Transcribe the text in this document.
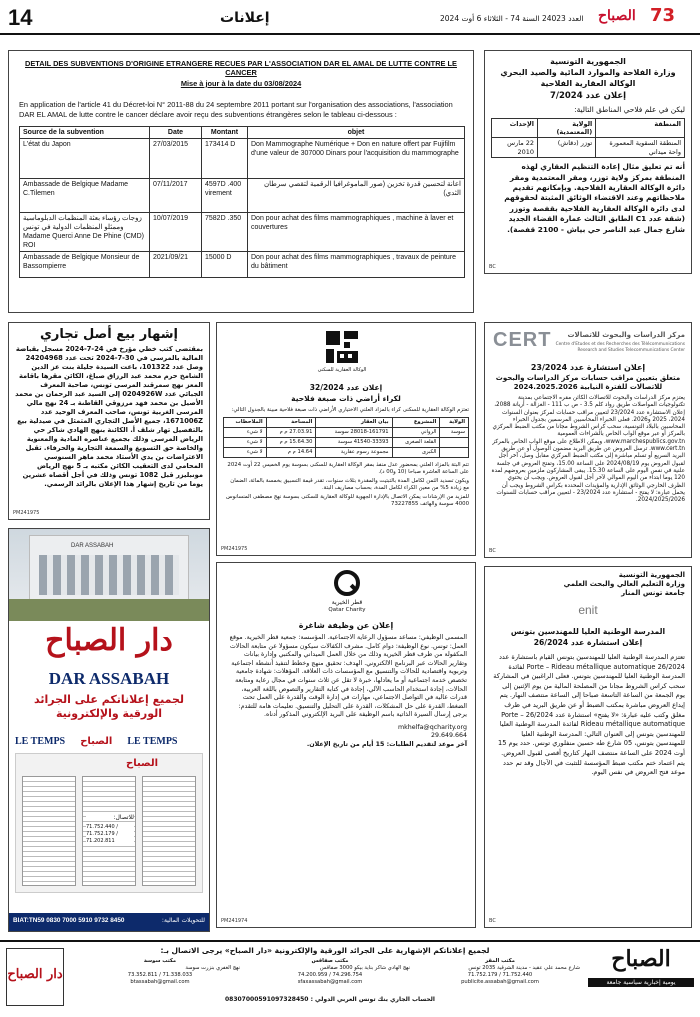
14	إعلانات	العدد 24023 السنة 74 - الثلاثاء 6 أوت 2024	73
الصباح
DETAIL DES SUBVENTIONS D'ORIGINE ETRANGERE RECUES PAR L'ASSOCIATION DAR EL AMAL DE LUTTE CONTRE LE CANCER
Mise à jour à la date du 03/08/2024
En application de l'article 41 du Décret-loi N° 2011-88 du 24 septembre 2011 portant sur l'organisation des associations, l'association DAR EL AMAL de lutte contre le cancer déclare avoir reçu des subventions étrangères selon le tableau ci-dessous :
Source de la subvention	Date	Montant	objet
L'état du Japon	27/03/2015	173414 D	Don Mammographe Numérique + Don en nature offert par Fujifilm d'une valeur de 307000 Dinars pour l'acquisition du mammographe
Ambassade de Belgique Madame C.Tilemen	07/11/2017	4597D .400 virement	اعانة لتحسين قدرة تخزين (صور الماموغرافيا الرقمية لتقصي سرطان الثدي)
زوجات رؤساء بعثة المنظمات الدبلوماسية وممثلو المنظمات الدولية في تونس Madame Querci Anne De Phine (CMD) ROI	10/07/2019	7582D .350	Don pour achat des films mammographiques , machine à laver et couvertures
Ambassade de Belgique Monsieur de Bassompierre	2021/09/21	15000 D	Don pour achat des films mammographiques , travaux de peinture du bâtiment
الجمهورية التونسية
وزارة الفلاحة والموارد المائية والصيد البحري
الوكالة العقارية الفلاحية
إعلان عدد 7/2024
ليكن في علم فلاحي المناطق التالية:
المنطقة	الولاية (المعتمدية)	الإحداث
المنطقة السقوية المعمورة واحة ميداني	توزر (دقاش)	22 مارس 2010
أنه تم تعليق مثال إعادة التنظيم العقاري لهذه المنطقة بمركز ولاية توزر، ومقر المعتمدية ومقر دائرة الوكالة العقارية الفلاحية. وبإمكانهم تقديم ملاحظاتهم وعند الاقتضاء الوثائق المثبتة لحقوقهم لدى دائرة الوكالة العقارية الفلاحية بقفصة وتوزر (شقة عدد C1 الطابق الثالث عمارة القضاء الجديد شارع جمال عبد الناصر حي بياش - 2100 قفصة).
BC
إشهار بيع أصل تجاري
بمقتضى كتب خطي مؤرخ في 24-7-2024 مسجل بقباضة المالية بالمرسى في 30-7-2024 تحت عدد 24204968 وصل عدد 101322، باعت السيدة جليلة بنت عز الدين الشامخ حرم محمد عبد الرزاق صباغ، الكائن مقرها باقامة المعز نهج سمرقند المرسى تونس، صاحبة المعرف الجبائي عدد 0204926W إلى السيد عبد الرحمان بن محمد الأصيل بن محمد فهد مرزوقي القاطنة بـ 24 نهج مالي المرسى الغربية تونس، صاحب المعرف الوحيد عدد 1671006Z، جميع الأصل التجاري المتمثل في صيدلية بيع بالتفصيل تهار شلف أ. الكائنة بنهج الهادي شاكر حي الرياض المرسى وذلك بجميع عناصره المادية والمعنوية والخاصة حق التسويغ والسمعة التجارية والحرفاء. تقبل الاعتراضات بن يدي الأستاذ محمد ماهر السنوسي المحامي لدى التعقيب الكائن مكتبه بـ 5 نهج الرياض مونبليزر قبل 1082 تونس وذلك في أجل أقصاه عشرين يوما من تاريخ إشهار هذا الإعلان بالرائد الرسمي.
PM241975
الوكالة العقارية للسكنى
إعلان عدد 32/2024
لكراء أراضي ذات صبغة فلاحية
تعتزم الوكالة العقارية للسكنى كراء بالمزاد العلني الاختياري الأراضي ذات صبغة فلاحية مبينة بالجدول التالي:
الولاية	المشروع	بيان العقار	المساحة	الملاحظات
سوسة	الرواني	28018-161791 سوسة	27.03.91 م م	لا شيء
	القلعة الصغرى	41540-33393 سوسة	15.64.30 م م	لا شيء
	الكبرى	مجموعة رسوم عقارية	14.64 م م	لا شيء
تتم البتة بالمزاد العلني بمحضور عدل منفذ بمقر الوكالة العقارية للسكنى بسوسة يوم الخميس 22 أوت 2024 على الساعة العاشرة صباحا (10 و00 د).
ويكون تسديد الثمن لكامل المدة بالتبتيت والمقدرة بثلاث سنوات، تقدر قيمة التسبيق بخمسة بالمائة، الضمان مع زيادة 5% من معين الكراء لكامل المدة، بحساب مصاريف البتة.
للمزيد من الإرشادات يمكن الاتصال بالإدارة الجهوية للوكالة العقارية للسكنى بسوسة نهج مصطفى المنسانوس 4000 سوسة والهاتف 73227855
PM241975
CERT مركز الدراسات والبحوث للاتصالات
Centre d'Etudes et des Recherches des Télécommunications
Research and Studies Telecommunications Center
إعلان استشارة عدد 23/2024
متعلق بتعيين مراقب حسابات مركز الدراسات والبحوث للاتصالات للفترة النيابية 2024.2025.2026
يعتزم مركز الدراسات والبحوث للاتصالات الكائن مقره الاجتماعي بمدينة تكنولوجيات المواصلات طريق رواد كلم 3.5 - ص ب 111 - الغزالة - أريانة 2088، إعلان الاستشارة عدد 23/2024 لتعيين مراقب حسابات لمركز بعنوان السنوات 2024، 2025 و2026. فعلى الخبراء المحاسبين المرسمين بجدول الخبراء المحاسبين بالبلاد التونسية، سحب كراس الشروط مجانا من مكتب الضبط المركزي بالمركز أو عبر موقع الواب الخاص بالشراءات العمومية www.marchespublics.gov.tn، ويمكن الاطلاع على موقع الواب الخاص بالمركز www.cert.tn. ترسل العروض عن طريق البريد مضمون الوصول أو عن طريق البريد السريع أو تسلم مباشرة إلى مكتب الضبط المركزي مقابل وصل، آخر أجل لقبول العروض يوم 2024/08/19 على الساعة 15.00، وتفتح العروض في جلسة علنية في نفس اليوم على الساعة 15.30. يبقى المشاركون ملزمين بعروضهم لمدة 120 يوما ابتداء من اليوم الموالي لآخر أجل لقبول العروض. ويجب أن يحتوي الظرف الخارجي الوثائق الإدارية والمؤيدات المحددة بكراس الشروط ويجب أن يحمل عبارة: لا يفتح - استشارة عدد 23/2024 - لتعيين مراقب حسابات للسنوات 2024/2025/2026.
BC
قطر الخيرية
Qatar Charity
إعلان عن وظيفة شاغرة
المسمى الوظيفي: مساعد مسؤول الرعاية الاجتماعية. المؤسسة: جمعية قطر الخيرية. موقع العمل: تونس. نوع الوظيفة: دوام كامل. مشرف الكفالات سيكون مسؤولا عن متابعة الحالات المكفولة من طرف قطر الخيرية وذلك من خلال العمل الميداني والمكتبي وإدارة بيانات وتقارير الحالات عبر البرنامج الالكتروني. الهدف: تحقيق منهج وخطط لتنفيذ أنشطة اجتماعية وتربوية واقتصادية للحالات والتنسيق مع المؤسسات ذات العلاقة. المؤهلات: شهادة جامعية تخصص خدمة اجتماعية أو ما يعادلها، خبرة لا تقل عن ثلاث سنوات في مجال رعاية ومتابعة الحالات، إجادة استخدام الحاسب الآلي، إجادة في كتابة التقارير والتصوص باللغة العربية، قدرات عالية في التواصل الاجتماعي، مهارات في إدارة الوقت والقدرة على العمل تحت الضغط، القدرة على حل المشكلات، القدرة على التحليل والتنسيق. تعليمات هامة للتقدم: يرجى إرسال السيرة الذاتية باسم الوظيفة على البريد الإلكتروني المذكور أدناه.
mkhelfa@qcharity.org
29.649.664
آخر موعد لتقديم الطلبات: 15 أيام من تاريخ الإعلان.
PM241974
الجمهورية التونسية
وزارة التعليم العالي والبحث العلمي
جامعة تونس المنار
enit
المدرسة الوطنية العليا للمهندسين بتونس
إعلان استشارة عدد 26/2024
تعتزم المدرسة الوطنية العليا للمهندسين بتونس القيام باستشارة عدد 26/2024 Porte – Rideau métallique automatique لفائدة المدرسة الوطنية العليا للمهندسين بتونس. فعلى الراغبين في المشاركة سحب كراس الشروط مجانا من المصلحة المالية من يوم الإثنين إلى يوم الجمعة من الساعة التاسعة صباحا إلى الساعة منتصف النهار. يتم إيداع العروض مباشرة بمكتب الضبط أو عن طريق البريد في ظرف مغلق وكتب عليه عبارة: «لا يفتح» استشارة عدد 26/2024 Porte – Rideau métallique automatique لفائدة المدرسة الوطنية العليا للمهندسين بتونس إلى العنوان التالي: المدرسة الوطنية العليا للمهندسين بتونس، 05 شارع طه حسين منفلوري تونس. حدد يوم 15 أوت 2024 على الساعة منتصف النهار كتاريخ أقصى لقبول العروض. يتم اعتماد ختم مكتب ضبط المؤسسة للتثبت في الآجال وقد تم حدد موعد فتح العروض في نفس اليوم.
BC
DAR ASSABAH
دار الصباح
DAR ASSABAH
لجميع إعلاناتكم على الجرائد الورقية والإلكترونية
LE TEMPS الصباح LE TEMPS
الصباح
للاتصال:
71.752.440 / 71.752.179 / 71.202.811
BIAT:TN59 0830 7000 5910 9732 8450	للتحويلات المالية:
دار الصباح
لجميع إعلاناتكم الإشهارية على الجرائد الورقية والإلكترونية «دار الصباح» يرجى الاتصال بـ:
مكتب المقر
شارع محمد علي عقيد - مدينة الشرقية 2035 تونس
71.752.179 / 71.752.440
publicite.assabah@gmail.com
مكتب صفاقس
نهج الهادي شاكر بناية بيكو 3000 صفاقس
74.200.959 / 74.296.754
sfaxassabah@gmail.com
مكتب سوسة
نهج الغفري بنزرت سوسة
73.352.811 / 71.338.033
btassabah@gmail.com
الحساب الجاري بنك تونس العربي الدولي : 08307000591097328450
الصباح
يومية إخبارية سياسية جامعة
